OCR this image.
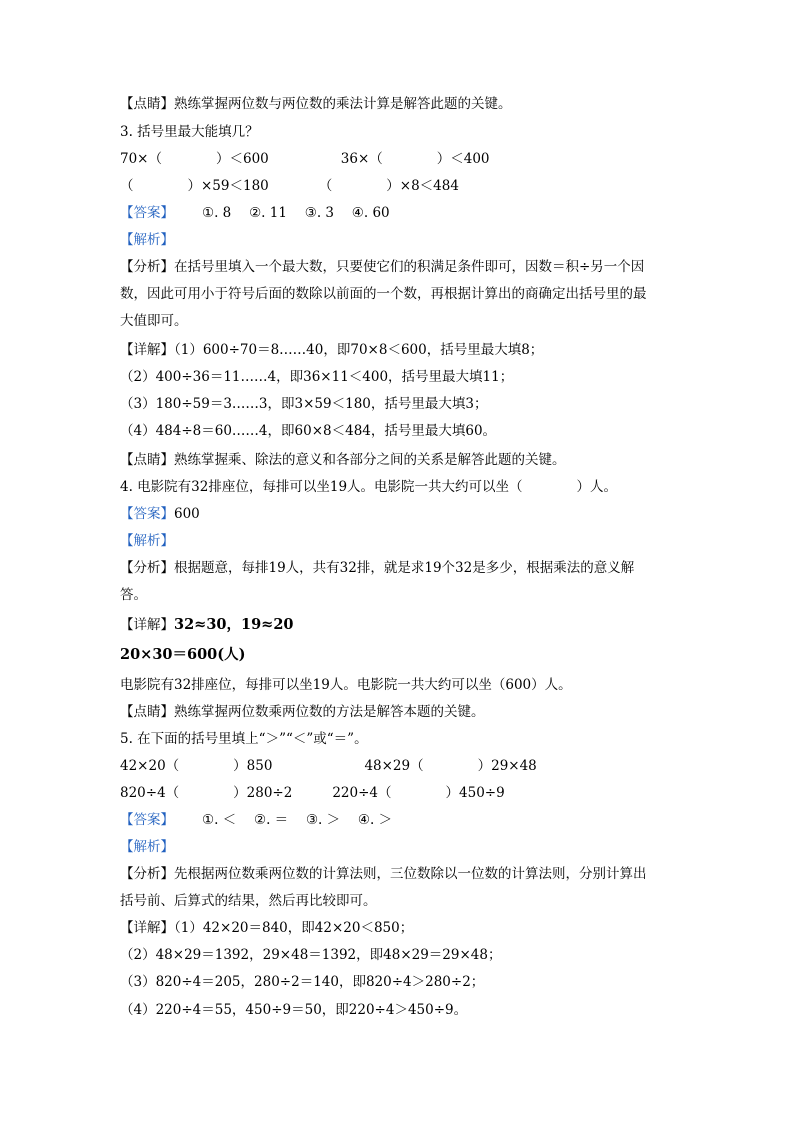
【点睛】熟练掌握两位数与两位数的乘法计算是解答此题的关键。
3. 括号里最大能填几？
70×（　　　　）＜600	36×（　　　　）＜400
（　　　　）×59＜180	（　　　　）×8＜484
【答案】 ①. 8　 ②. 11　 ③. 3　 ④. 60
【解析】
【分析】在括号里填入一个最大数，只要使它们的积满足条件即可，因数＝积÷另一个因
数，因此可用小于符号后面的数除以前面的一个数，再根据计算出的商确定出括号里的最
大值即可。
【详解】（1）600÷70＝8……40，即70×8＜600，括号里最大填8；
（2）400÷36＝11……4，即36×11＜400，括号里最大填11；
（3）180÷59＝3……3，即3×59＜180，括号里最大填3；
（4）484÷8＝60……4，即60×8＜484，括号里最大填60。
【点睛】熟练掌握乘、除法的意义和各部分之间的关系是解答此题的关键。
4. 电影院有32排座位，每排可以坐19人。电影院一共大约可以坐（　　　　）人。
【答案】600
【解析】
【分析】根据题意，每排19人，共有32排，就是求19个32是多少，根据乘法的意义解
答。
【详解】32≈30，19≈20
20×30＝600(人)
电影院有32排座位，每排可以坐19人。电影院一共大约可以坐（600）人。
【点睛】熟练掌握两位数乘两位数的方法是解答本题的关键。
5. 在下面的括号里填上“＞”“＜”或“＝”。
42×20（　　　　）850	48×29（　　　　）29×48
820÷4（　　　　）280÷2	220÷4（　　　　）450÷9
【答案】 ①. ＜　 ②. ＝　 ③. ＞　 ④. ＞
【解析】
【分析】先根据两位数乘两位数的计算法则，三位数除以一位数的计算法则，分别计算出
括号前、后算式的结果，然后再比较即可。
【详解】（1）42×20＝840，即42×20＜850；
（2）48×29＝1392，29×48＝1392，即48×29＝29×48；
（3）820÷4＝205，280÷2＝140，即820÷4＞280÷2；
（4）220÷4＝55，450÷9＝50，即220÷4＞450÷9。
